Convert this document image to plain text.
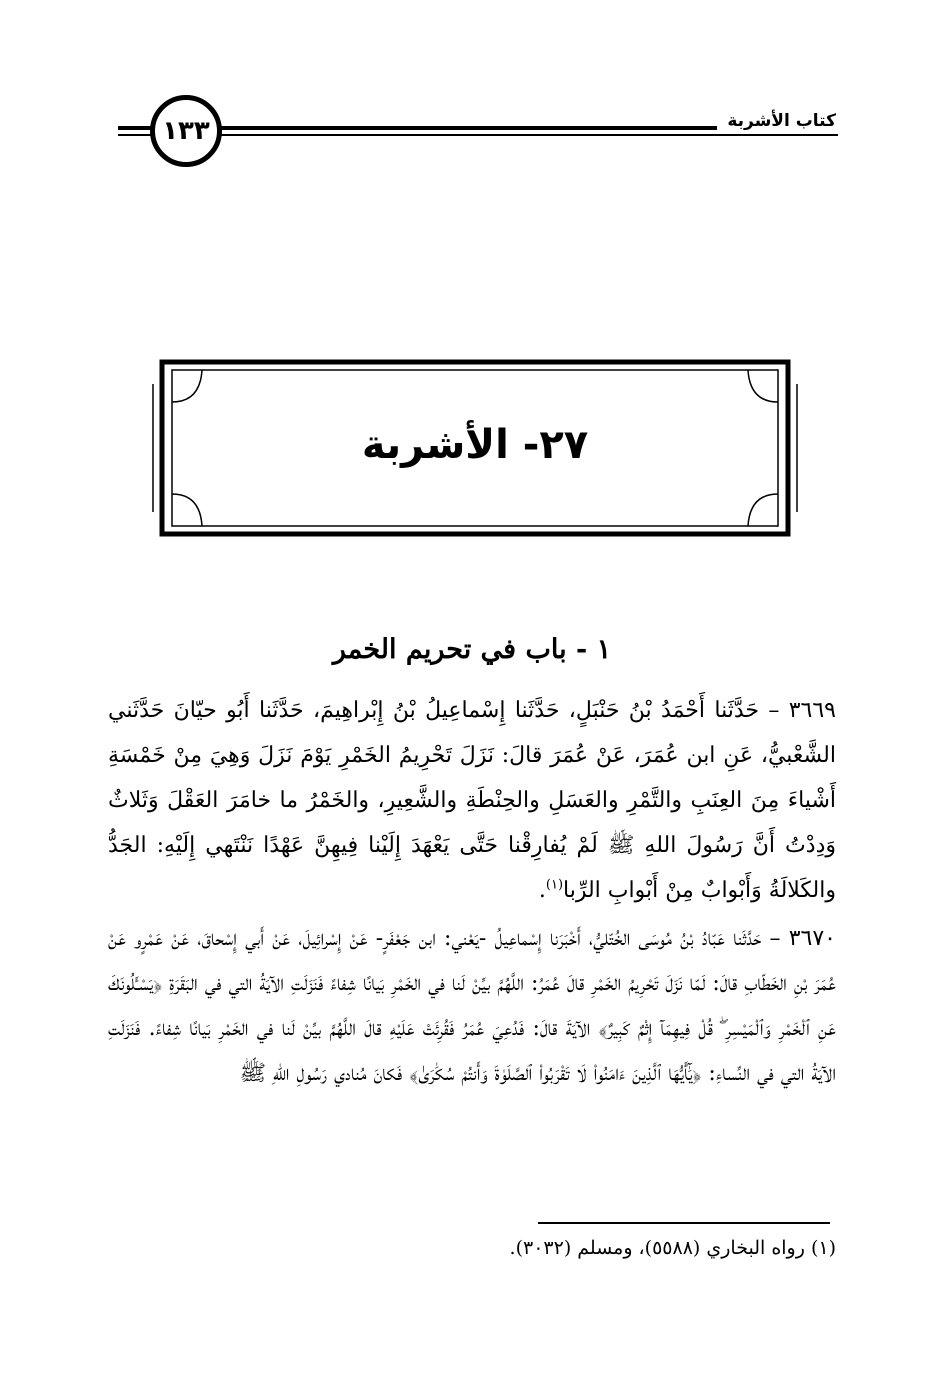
كتاب الأشربة
١٣٣
٢٧- الأشربة
١ - باب في تحريم الخمر

٣٦٦٩ – حَدَّثَنا أَحْمَدُ بْنُ حَنْبَلٍ، حَدَّثَنا إِسْماعِيلُ بْنُ إِبْراهِيمَ، حَدَّثَنا أَبُو حيّانَ حَدَّثَني الشَّعْبيُّ، عَنِ ابن عُمَرَ، عَنْ عُمَرَ قالَ: نَزَلَ تَحْرِيمُ الخَمْرِ يَوْمَ نَزَلَ وَهِيَ مِنْ خَمْسَةِ أَشْياءَ مِنَ العِنَبِ والتَّمْرِ والعَسَلِ والحِنْطَةِ والشَّعِيرِ، والخَمْرُ ما خامَرَ العَقْلَ وَثَلاثٌ وَدِدْتُ أَنَّ رَسُولَ اللهِ ﷺ لَمْ يُفارِقْنا حَتَّى يَعْهَدَ إِلَيْنا فِيهِنَّ عَهْدًا نَنْتَهي إِلَيْهِ: الجَدُّ والكَلالَةُ وَأَبْوابٌ مِنْ أَبْوابِ الرِّبا$^{(١)}$.

٣٦٧٠ – حَدَّثَنا عَبّادُ بْنُ مُوسَى الخُتّليُّ، أَخْبَرَنا إِسْماعِيلُ -يَعْني: ابن جَعْفَرٍ- عَنْ إِسْرائِيلَ، عَنْ أَبي إِسْحاقَ، عَنْ عَمْرٍو عَنْ عُمَرَ بْنِ الخَطّابِ قالَ: لَمّا نَزَلَ تَحْرِيمُ الخَمْرِ قالَ عُمَرُ: اللَّهُمَّ بيِّنْ لَنا في الخَمْرِ بَيانًا شِفاءً فَنَزَلَتِ الآيَةُ التي في البَقَرَةِ ﴿يَسْـَٔلُونَكَ عَنِ ٱلْخَمْرِ وَٱلْمَيْسِرِ ۖ قُلْ فِيهِمَآ إِثْمٌ كَبِيرٌ﴾ الآيَةَ قالَ: فَدُعِيَ عُمَرُ فَقُرِئَتْ عَلَيْهِ قالَ اللَّهُمَّ بيِّنْ لَنا في الخَمْرِ بَيانًا شِفاءً. فَنَزَلَتِ الآيَةُ التي في النِّساءِ: ﴿يَٰٓأَيُّهَا ٱلَّذِينَ ءَامَنُواْ لَا تَقْرَبُواْ ٱلصَّلَوٰةَ وَأَنتُمْ سُكَٰرَىٰ﴾ فَكانَ مُنادي رَسُولِ اللهِ ﷺ

(١) رواه البخاري (٥٥٨٨)، ومسلم (٣٠٣٢).
